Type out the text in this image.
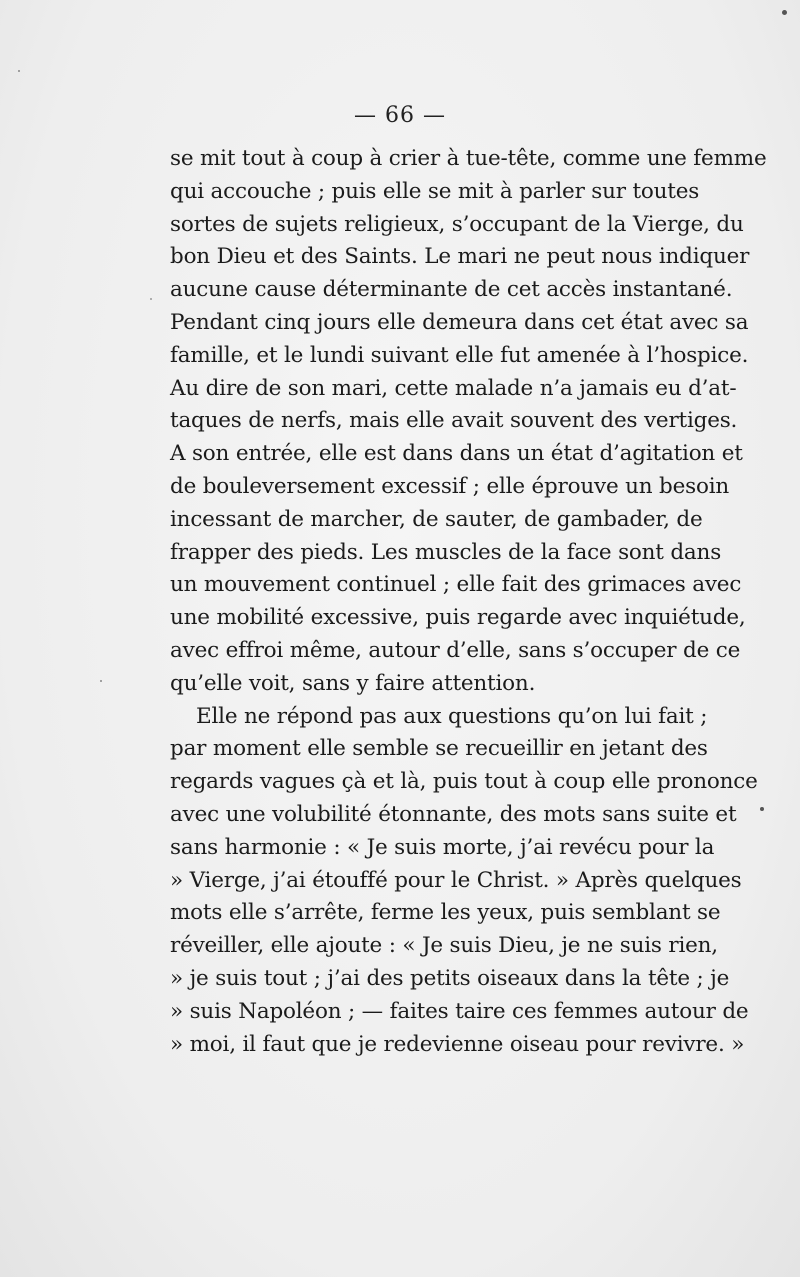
— 66 —
se mit tout à coup à crier à tue-tête, comme une femme
qui accouche ; puis elle se mit à parler sur toutes
sortes de sujets religieux, s’occupant de la Vierge, du
bon Dieu et des Saints. Le mari ne peut nous indiquer
aucune cause déterminante de cet accès instantané.
Pendant cinq jours elle demeura dans cet état avec sa
famille, et le lundi suivant elle fut amenée à l’hospice.
Au dire de son mari, cette malade n’a jamais eu d’at-
taques de nerfs, mais elle avait souvent des vertiges.
A son entrée, elle est dans dans un état d’agitation et
de bouleversement excessif ; elle éprouve un besoin
incessant de marcher, de sauter, de gambader, de
frapper des pieds. Les muscles de la face sont dans
un mouvement continuel ; elle fait des grimaces avec
une mobilité excessive, puis regarde avec inquiétude,
avec effroi même, autour d’elle, sans s’occuper de ce
qu’elle voit, sans y faire attention.
Elle ne répond pas aux questions qu’on lui fait ;
par moment elle semble se recueillir en jetant des
regards vagues çà et là, puis tout à coup elle prononce
avec une volubilité étonnante, des mots sans suite et
sans harmonie : « Je suis morte, j’ai revécu pour la
» Vierge, j’ai étouffé pour le Christ. » Après quelques
mots elle s’arrête, ferme les yeux, puis semblant se
réveiller, elle ajoute : « Je suis Dieu, je ne suis rien,
» je suis tout ; j’ai des petits oiseaux dans la tête ; je
» suis Napoléon ; — faites taire ces femmes autour de
» moi, il faut que je redevienne oiseau pour revivre. »
